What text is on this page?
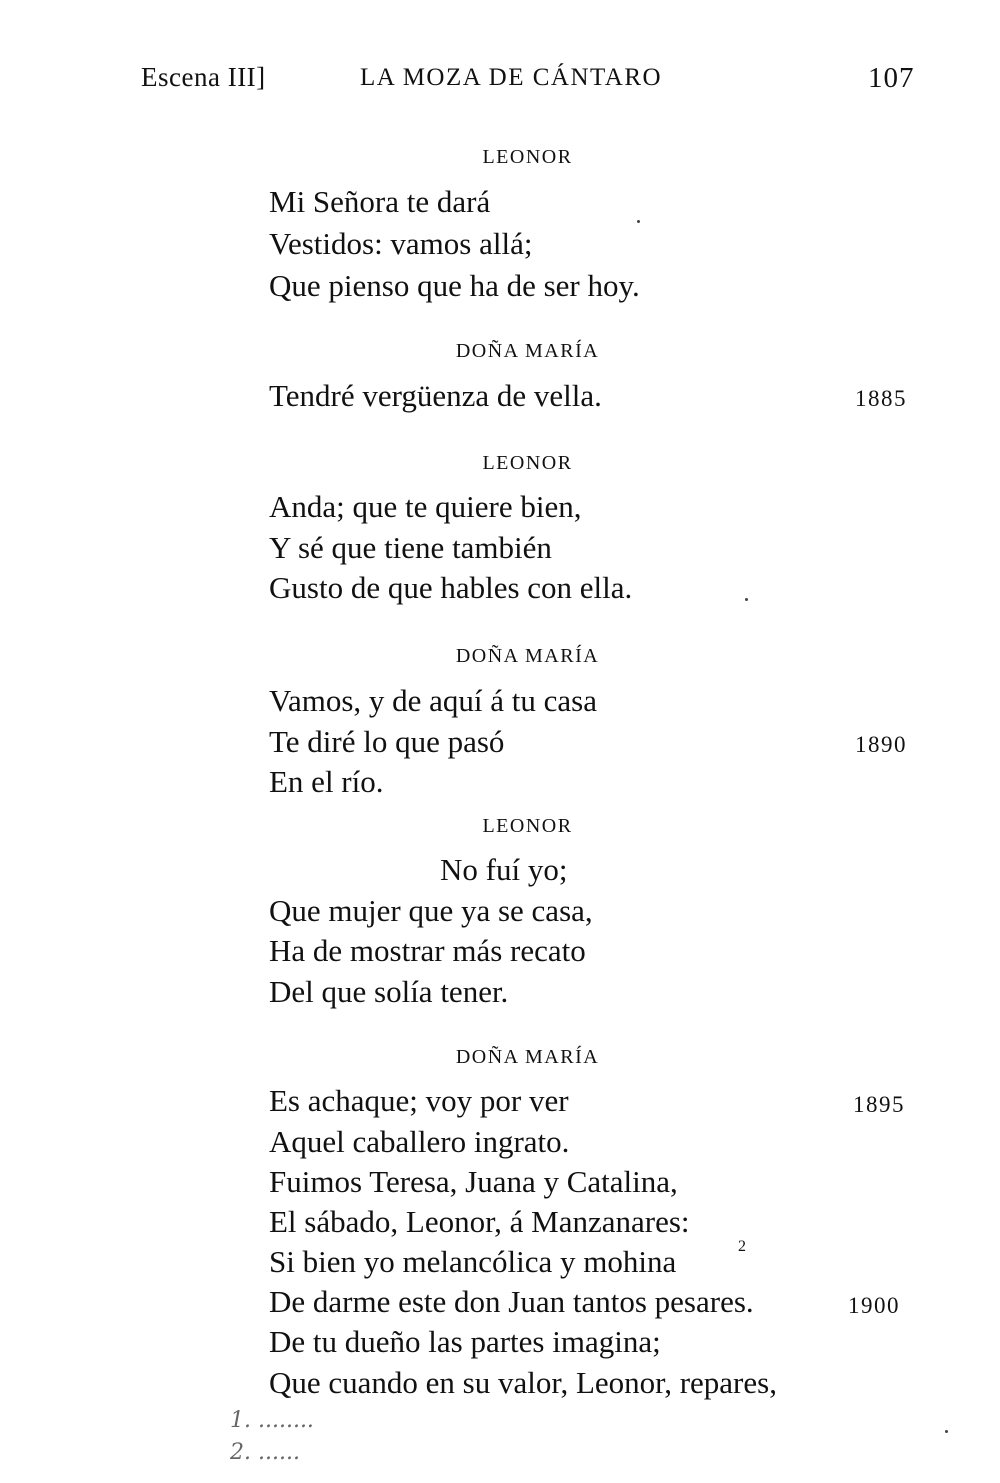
Escena III]	LA MOZA DE CÁNTARO	107
LEONOR
Mi Señora te dará
Vestidos: vamos allá;
Que pienso que ha de ser hoy.
DOÑA MARÍA
Tendré vergüenza de vella.	1885
LEONOR
Anda; que te quiere bien,
Y sé que tiene también
Gusto de que hables con ella.
DOÑA MARÍA
Vamos, y de aquí á tu casa
Te diré lo que pasó	1890
En el río.
LEONOR
No fuí yo;
Que mujer que ya se casa,
Ha de mostrar más recato
Del que solía tener.
DOÑA MARÍA
Es achaque; voy por ver	1895
Aquel caballero ingrato.
Fuimos Teresa, Juana y Catalina,
El sábado, Leonor, á Manzanares:
Si bien yo melancólica y mohina	2
De darme este don Juan tantos pesares.	1900
De tu dueño las partes imagina;
Que cuando en su valor, Leonor, repares,
1. ........
2. ......
